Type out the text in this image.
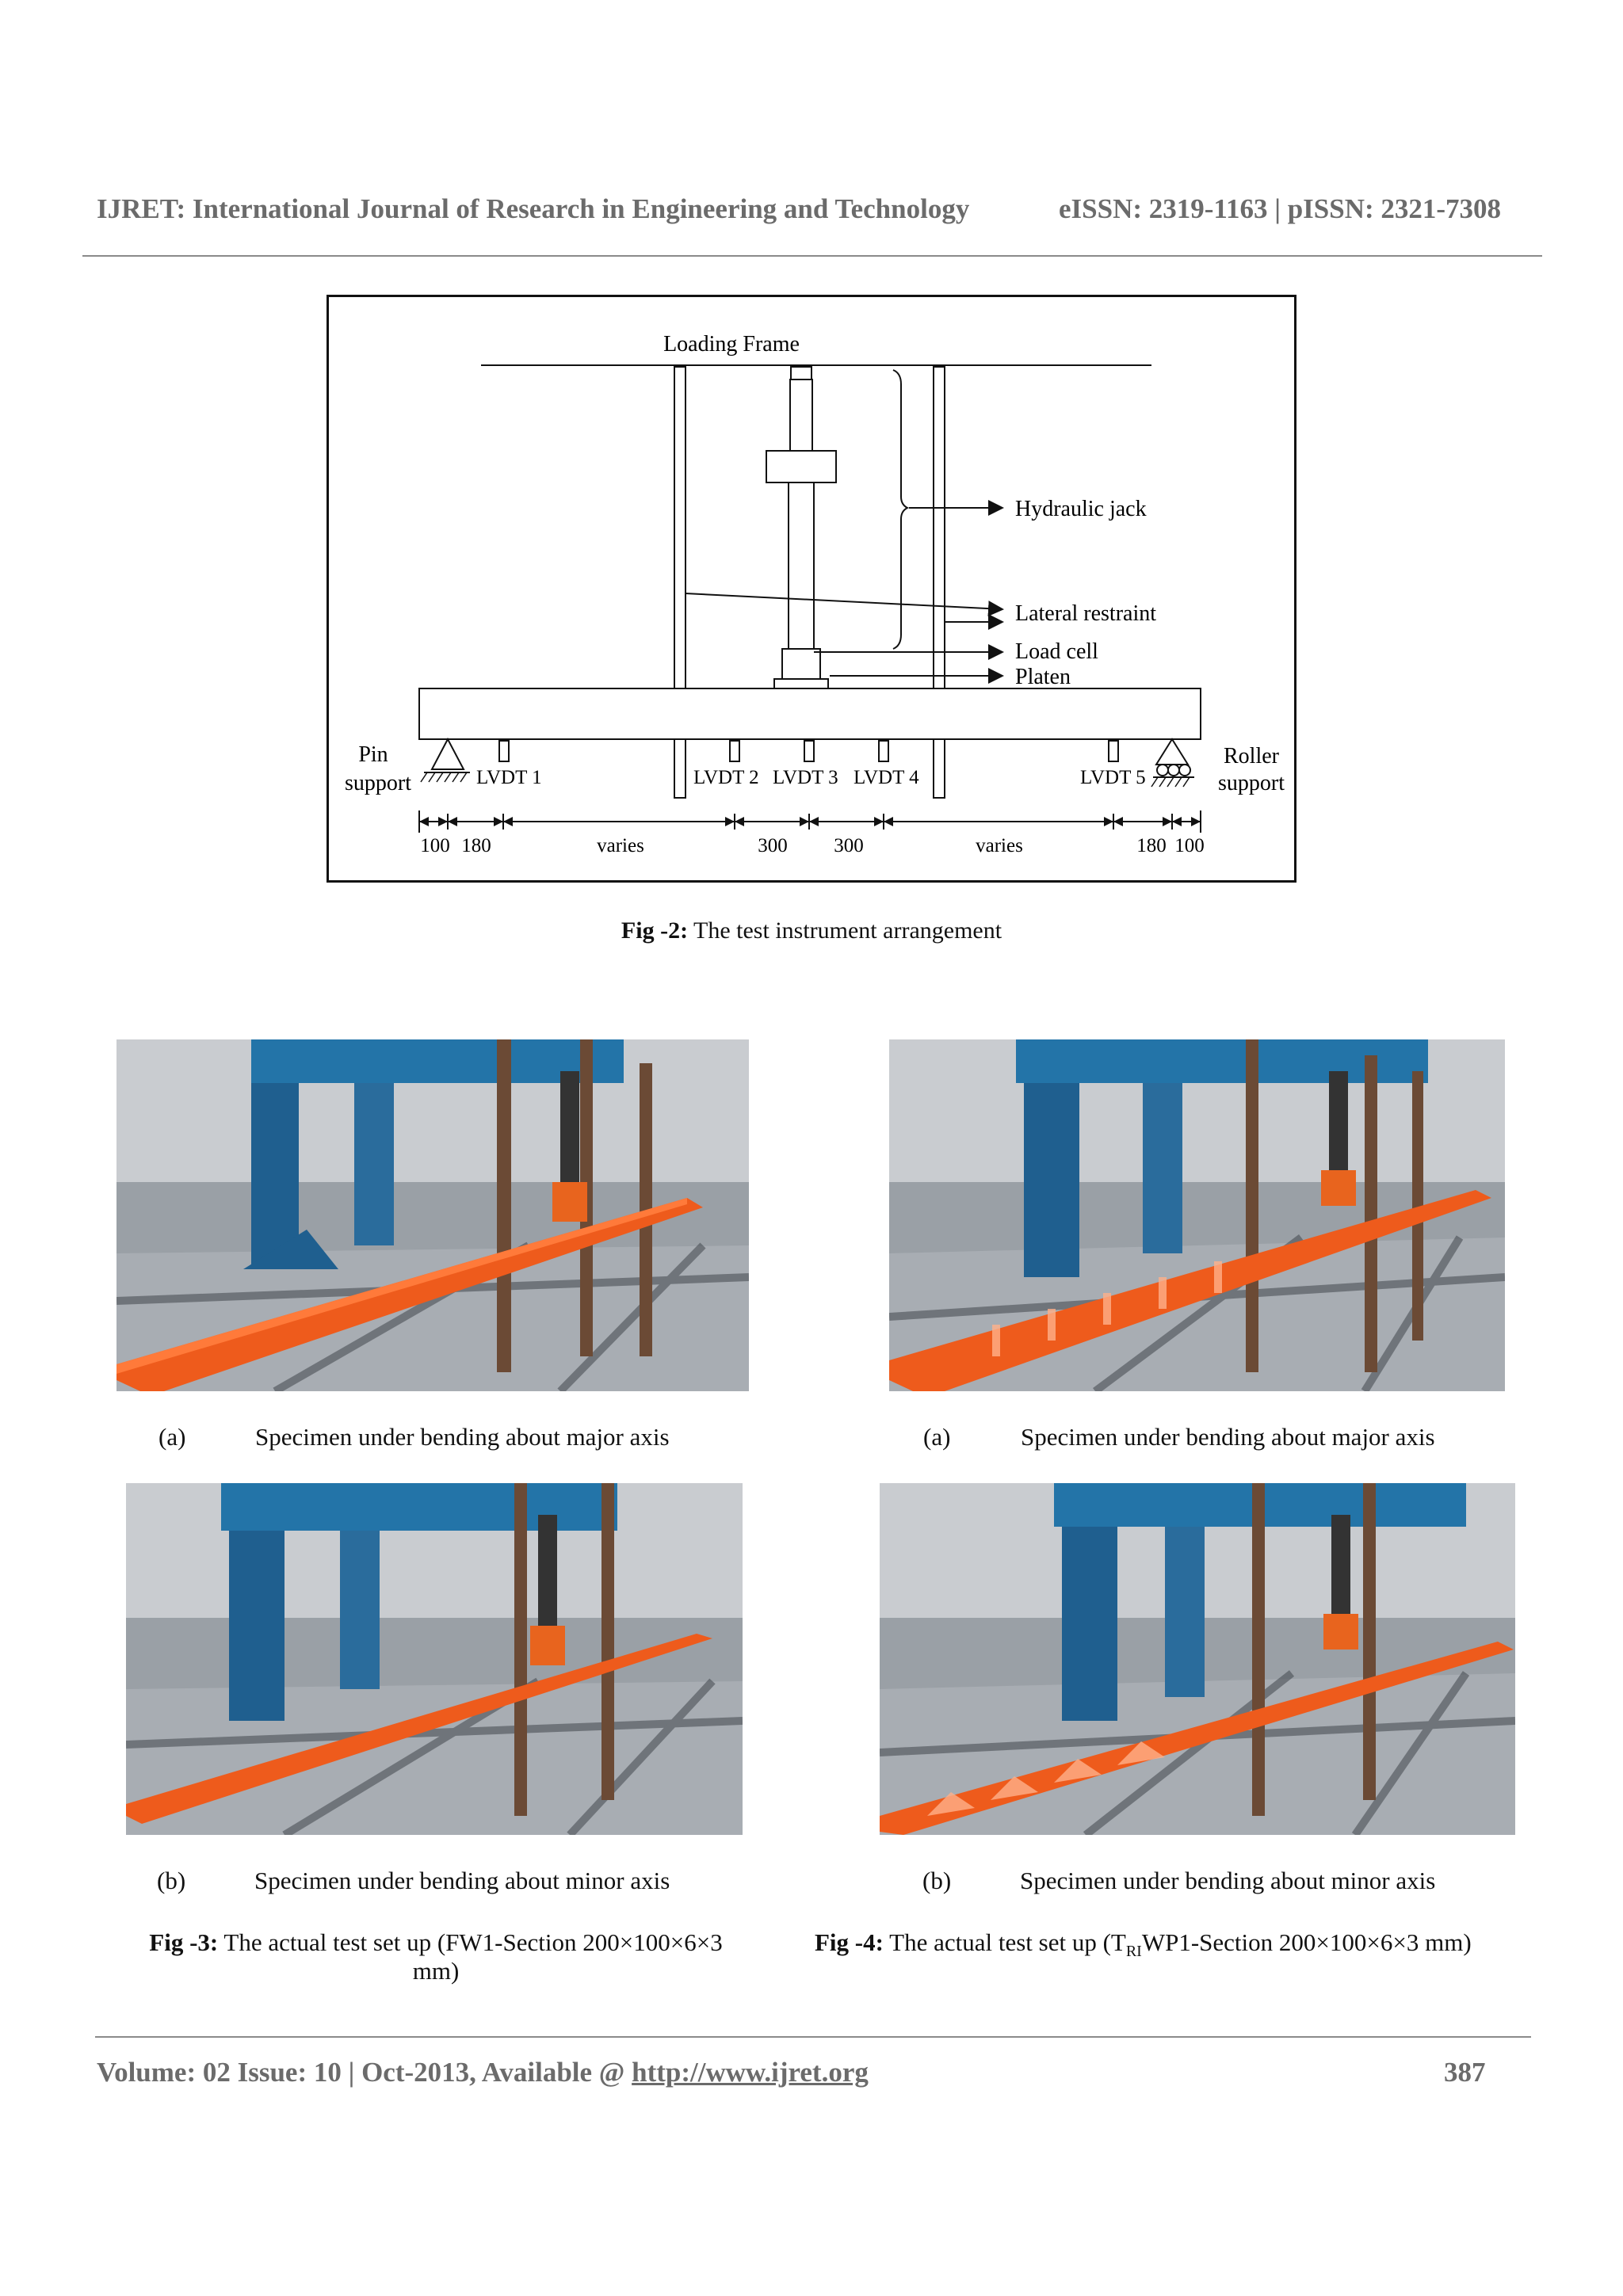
IJRET: International Journal of Research in Engineering and Technology	eISSN: 2319-1163 | pISSN: 2321-7308
Loading Frame
Hydraulic jack
Lateral restraint
Load cell
Platen
Pin
support
Roller
support
LVDT 1	LVDT 2 LVDT 3 LVDT 4	LVDT 5
100 180	varies	300 300	varies	180 100
Fig -2: The test instrument arrangement
(a)	Specimen under bending about major axis	(a)	Specimen under bending about major axis
(b)	Specimen under bending about minor axis	(b)	Specimen under bending about minor axis
Fig -3: The actual test set up (FW1-Section 200×100×6×3
mm)
Fig -4: The actual test set up ($T_{RI}WP1$-Section 200×100×6×3 mm)
Volume: 02 Issue: 10 | Oct-2013, Available @ http://www.ijret.org	387
